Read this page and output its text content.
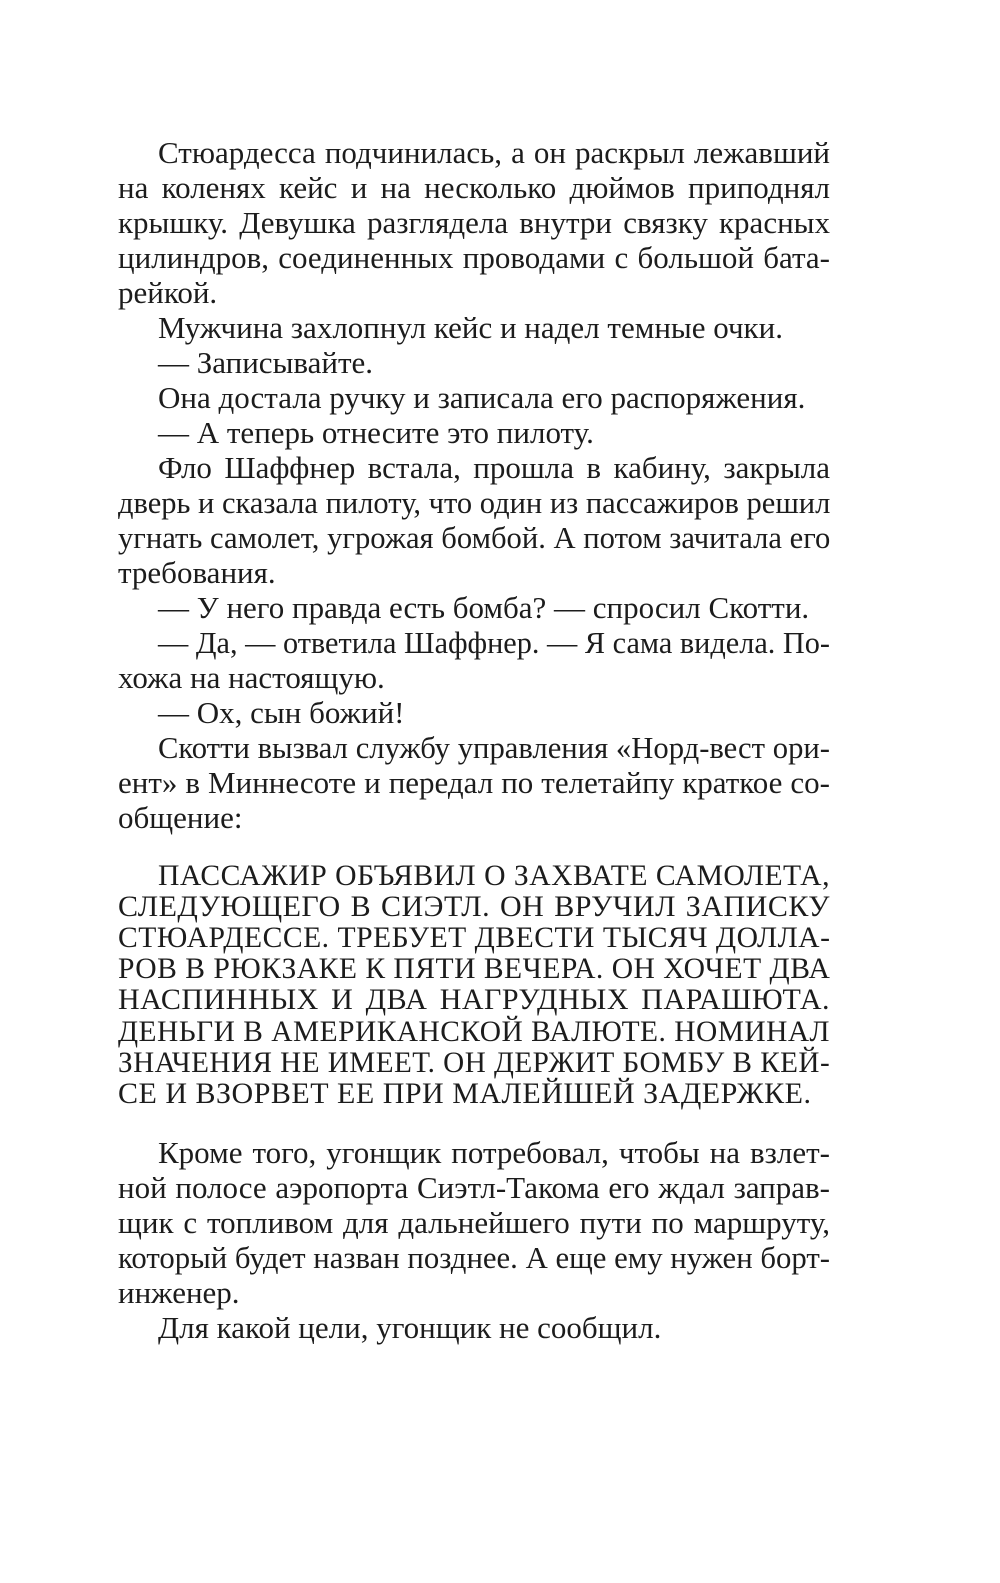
Стюардесса подчинилась, а он раскрыл лежавший
на коленях кейс и на несколько дюймов приподнял
крышку. Девушка разглядела внутри связку красных
цилиндров, соединенных проводами с большой бата-
рейкой.
Мужчина захлопнул кейс и надел темные очки.
— Записывайте.
Она достала ручку и записала его распоряжения.
— А теперь отнесите это пилоту.
Фло Шаффнер встала, прошла в кабину, закрыла
дверь и сказала пилоту, что один из пассажиров решил
угнать самолет, угрожая бомбой. А потом зачитала его
требования.
— У него правда есть бомба? — спросил Скотти.
— Да, — ответила Шаффнер. — Я сама видела. По-
хожа на настоящую.
— Ох, сын божий!
Скотти вызвал службу управления «Норд-вест ори-
ент» в Миннесоте и передал по телетайпу краткое со-
общение:
ПАССАЖИР ОБЪЯВИЛ О ЗАХВАТЕ САМОЛЕТА,
СЛЕДУЮЩЕГО В СИЭТЛ. ОН ВРУЧИЛ ЗАПИСКУ
СТЮАРДЕССЕ. ТРЕБУЕТ ДВЕСТИ ТЫСЯЧ ДОЛЛА-
РОВ В РЮКЗАКЕ К ПЯТИ ВЕЧЕРА. ОН ХОЧЕТ ДВА
НАСПИННЫХ И ДВА НАГРУДНЫХ ПАРАШЮТА.
ДЕНЬГИ В АМЕРИКАНСКОЙ ВАЛЮТЕ. НОМИНАЛ
ЗНАЧЕНИЯ НЕ ИМЕЕТ. ОН ДЕРЖИТ БОМБУ В КЕЙ-
СЕ И ВЗОРВЕТ ЕЕ ПРИ МАЛЕЙШЕЙ ЗАДЕРЖКЕ.
Кроме того, угонщик потребовал, чтобы на взлет-
ной полосе аэропорта Сиэтл-Такома его ждал заправ-
щик с топливом для дальнейшего пути по маршруту,
который будет назван позднее. А еще ему нужен борт-
инженер.
Для какой цели, угонщик не сообщил.
